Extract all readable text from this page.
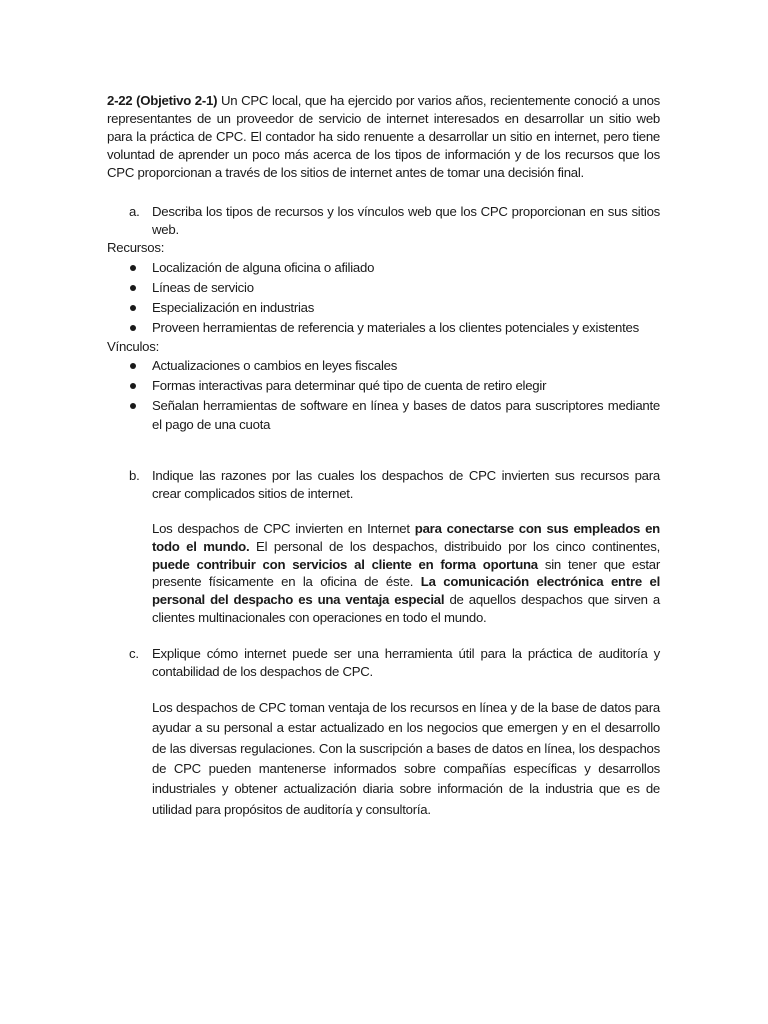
2-22 (Objetivo 2-1) Un CPC local, que ha ejercido por varios años, recientemente conoció a unos representantes de un proveedor de servicio de internet interesados en desarrollar un sitio web para la práctica de CPC. El contador ha sido renuente a desarrollar un sitio en internet, pero tiene voluntad de aprender un poco más acerca de los tipos de información y de los recursos que los CPC proporcionan a través de los sitios de internet antes de tomar una decisión final.

a. Describa los tipos de recursos y los vínculos web que los CPC proporcionan en sus sitios web.
Recursos:
Localización de alguna oficina o afiliado
Líneas de servicio
Especialización en industrias
Proveen herramientas de referencia y materiales a los clientes potenciales y existentes
Vínculos:
Actualizaciones o cambios en leyes fiscales
Formas interactivas para determinar qué tipo de cuenta de retiro elegir
Señalan herramientas de software en línea y bases de datos para suscriptores mediante el pago de una cuota
b. Indique las razones por las cuales los despachos de CPC invierten sus recursos para crear complicados sitios de internet.
Los despachos de CPC invierten en Internet para conectarse con sus empleados en todo el mundo. El personal de los despachos, distribuido por los cinco continentes, puede contribuir con servicios al cliente en forma oportuna sin tener que estar presente físicamente en la oficina de éste. La comunicación electrónica entre el personal del despacho es una ventaja especial de aquellos despachos que sirven a clientes multinacionales con operaciones en todo el mundo.
c. Explique cómo internet puede ser una herramienta útil para la práctica de auditoría y contabilidad de los despachos de CPC.
Los despachos de CPC toman ventaja de los recursos en línea y de la base de datos para ayudar a su personal a estar actualizado en los negocios que emergen y en el desarrollo de las diversas regulaciones. Con la suscripción a bases de datos en línea, los despachos de CPC pueden mantenerse informados sobre compañías específicas y desarrollos industriales y obtener actualización diaria sobre información de la industria que es de utilidad para propósitos de auditoría y consultoría.
